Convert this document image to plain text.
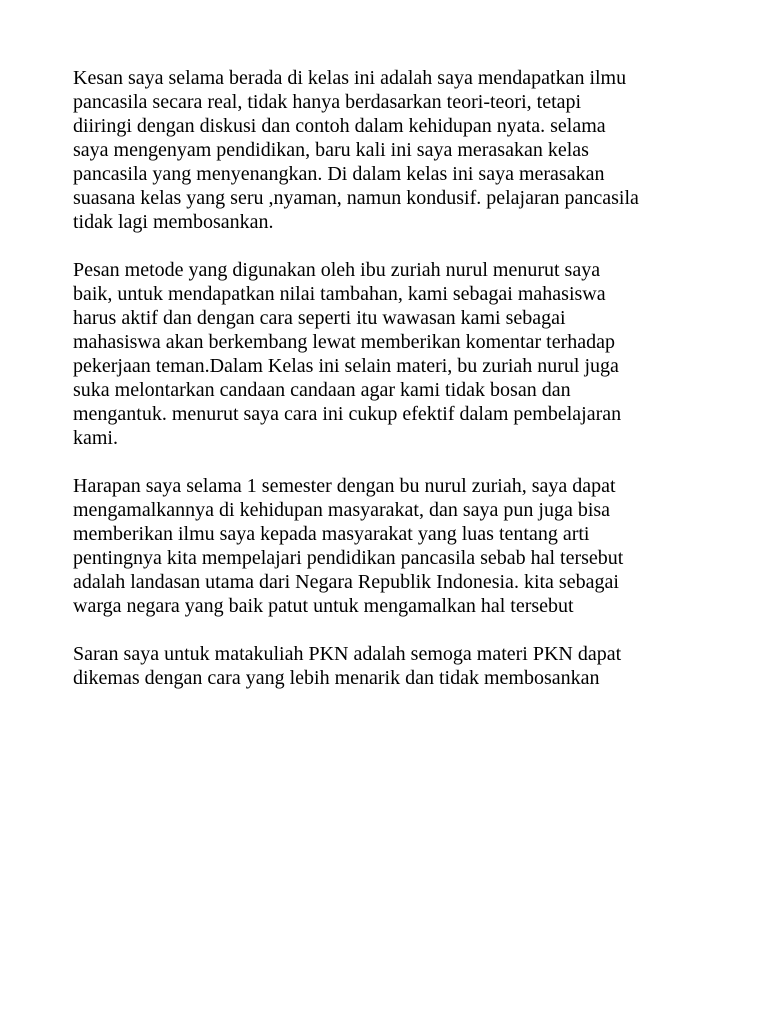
Kesan saya selama berada di kelas ini adalah saya mendapatkan ilmu
pancasila secara real, tidak hanya berdasarkan teori-teori, tetapi
diiringi dengan diskusi dan contoh dalam kehidupan nyata. selama
saya mengenyam pendidikan, baru kali ini saya merasakan kelas
pancasila yang menyenangkan. Di dalam kelas ini saya merasakan
suasana kelas yang seru ,nyaman, namun kondusif. pelajaran pancasila
tidak lagi membosankan.

Pesan metode yang digunakan oleh ibu zuriah nurul menurut saya
baik, untuk mendapatkan nilai tambahan, kami sebagai mahasiswa
harus aktif dan dengan cara seperti itu wawasan kami sebagai
mahasiswa akan berkembang lewat memberikan komentar terhadap
pekerjaan teman.Dalam Kelas ini selain materi, bu zuriah nurul juga
suka melontarkan candaan candaan agar kami tidak bosan dan
mengantuk. menurut saya cara ini cukup efektif dalam pembelajaran
kami.

Harapan saya selama 1 semester dengan bu nurul zuriah, saya dapat
mengamalkannya di kehidupan masyarakat, dan saya pun juga bisa
memberikan ilmu saya kepada masyarakat yang luas tentang arti
pentingnya kita mempelajari pendidikan pancasila sebab hal tersebut
adalah landasan utama dari Negara Republik Indonesia. kita sebagai
warga negara yang baik patut untuk mengamalkan hal tersebut

Saran saya untuk matakuliah PKN adalah semoga materi PKN dapat
dikemas dengan cara yang lebih menarik dan tidak membosankan
